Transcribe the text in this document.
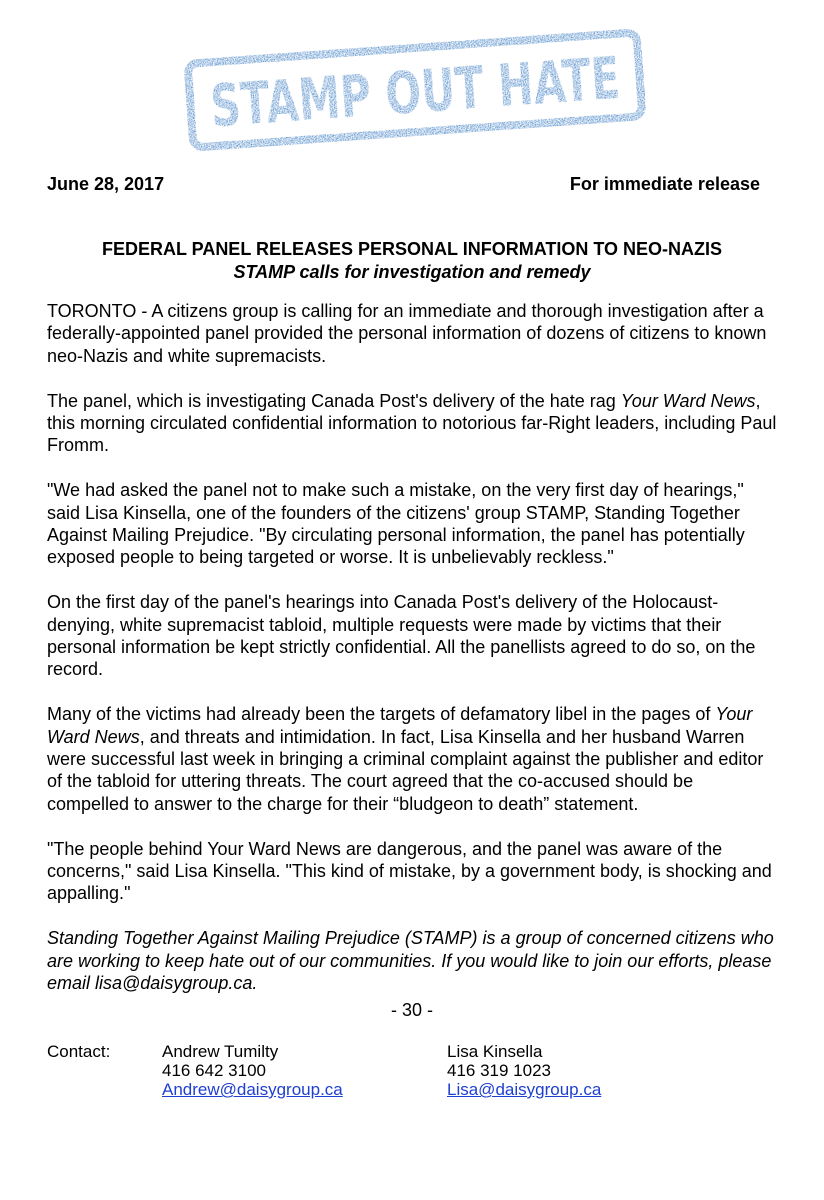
STAMP OUT HATE
June 28, 2017	For immediate release
FEDERAL PANEL RELEASES PERSONAL INFORMATION TO NEO-NAZIS
STAMP calls for investigation and remedy

TORONTO - A citizens group is calling for an immediate and thorough investigation after a federally-appointed panel provided the personal information of dozens of citizens to known neo-Nazis and white supremacists.

The panel, which is investigating Canada Post's delivery of the hate rag Your Ward News, this morning circulated confidential information to notorious far-Right leaders, including Paul Fromm.

"We had asked the panel not to make such a mistake, on the very first day of hearings," said Lisa Kinsella, one of the founders of the citizens' group STAMP, Standing Together Against Mailing Prejudice. "By circulating personal information, the panel has potentially exposed people to being targeted or worse. It is unbelievably reckless."

On the first day of the panel's hearings into Canada Post's delivery of the Holocaust-denying, white supremacist tabloid, multiple requests were made by victims that their personal information be kept strictly confidential. All the panellists agreed to do so, on the record.

Many of the victims had already been the targets of defamatory libel in the pages of Your Ward News, and threats and intimidation. In fact, Lisa Kinsella and her husband Warren were successful last week in bringing a criminal complaint against the publisher and editor of the tabloid for uttering threats. The court agreed that the co-accused should be compelled to answer to the charge for their “bludgeon to death” statement.

"The people behind Your Ward News are dangerous, and the panel was aware of the concerns," said Lisa Kinsella. "This kind of mistake, by a government body, is shocking and appalling."

Standing Together Against Mailing Prejudice (STAMP) is a group of concerned citizens who are working to keep hate out of our communities. If you would like to join our efforts, please email lisa@daisygroup.ca.

- 30 -
Contact:	Andrew Tumilty
416 642 3100
Andrew@daisygroup.ca
Lisa Kinsella
416 319 1023
Lisa@daisygroup.ca
